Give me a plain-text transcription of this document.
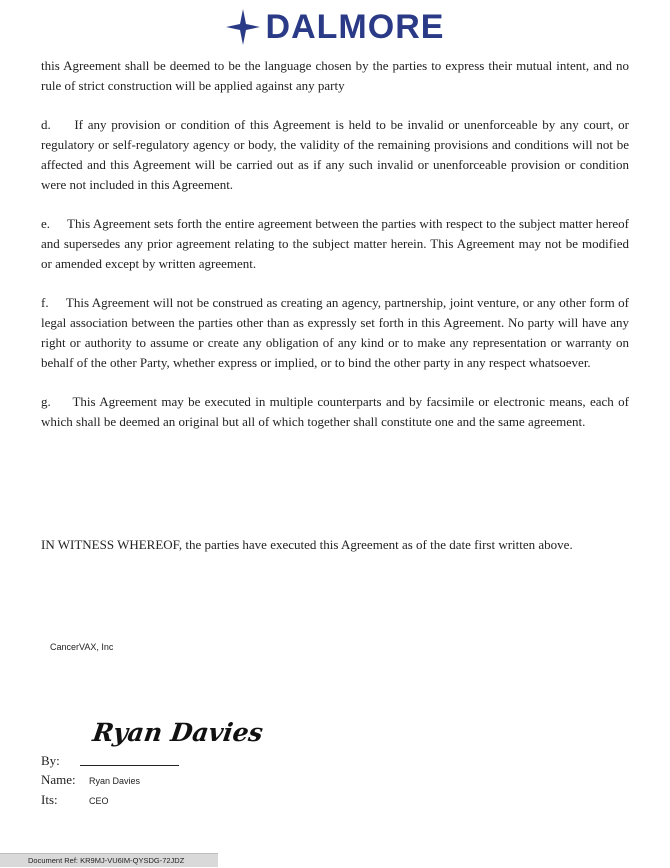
DALMORE

this Agreement shall be deemed to be the language chosen by the parties to express their mutual intent, and no rule of strict construction will be applied against any party

d.     If any provision or condition of this Agreement is held to be invalid or unenforceable by any court, or regulatory or self-regulatory agency or body, the validity of the remaining provisions and conditions will not be affected and this Agreement will be carried out as if any such invalid or unenforceable provision or condition were not included in this Agreement.

e.     This Agreement sets forth the entire agreement between the parties with respect to the subject matter hereof and supersedes any prior agreement relating to the subject matter herein. This Agreement may not be modified or amended except by written agreement.

f.     This Agreement will not be construed as creating an agency, partnership, joint venture, or any other form of legal association between the parties other than as expressly set forth in this Agreement. No party will have any right or authority to assume or create any obligation of any kind or to make any representation or warranty on behalf of the other Party, whether express or implied, or to bind the other party in any respect whatsoever.

g.     This Agreement may be executed in multiple counterparts and by facsimile or electronic means, each of which shall be deemed an original but all of which together shall constitute one and the same agreement.

IN WITNESS WHEREOF, the parties have executed this Agreement as of the date first written above.

CancerVAX, Inc
Ryan Davies
By:
Name: Ryan Davies
Its:	CEO
Document Ref: KR9MJ-VU6IM-QYSDG-72JDZ
